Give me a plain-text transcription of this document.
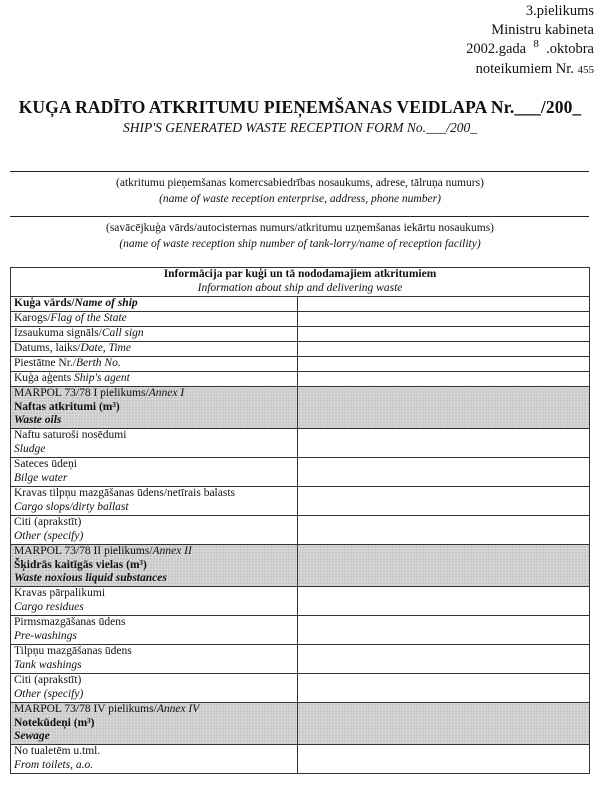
3.pielikums
Ministru kabineta
2002.gada $^8$ .oktobra
noteikumiem Nr. 455
KUĢA RADĪTO ATKRITUMU PIEŅEMŠANAS VEIDLAPA Nr.___/200_
SHIP'S GENERATED WASTE RECEPTION FORM No.___/200_
(atkritumu pieņemšanas komercsabiedrības nosaukums, adrese, tālruņa numurs)
(name of waste reception enterprise, address, phone number)
(savācējkuģa vārds/autocisternas numurs/atkritumu uzņemšanas iekārtu nosaukums)
(name of waste reception ship number of tank-lorry/name of reception facility)
Informācija par kuģi un tā nododamajiem atkritumiem
Information about ship and delivering waste	

Kuģa vārds/Name of ship	
Karogs/Flag of the State	
Izsaukuma signāls/Call sign	
Datums, laiks/Date, Time	
Piestātne Nr./Berth No.	
Kuģa aģents Ship's agent	

MARPOL 73/78 I pielikums/Annex I
Naftas atkritumi (m³)
Waste oils	

Naftu saturoši nosēdumi
Sludge	

Sateces ūdeņi
Bilge water	

Kravas tilpņu mazgāšanas ūdens/netīrais balasts
Cargo slops/dirty ballast	

Citi (aprakstīt)
Other (specify)	

MARPOL 73/78 II pielikums/Annex II
Šķidrās kaitīgās vielas (m³)
Waste noxious liquid substances	

Kravas pārpalikumi
Cargo residues	

Pirmsmazgāšanas ūdens
Pre-washings	

Tilpņu mazgāšanas ūdens
Tank washings	

Citi (aprakstīt)
Other (specify)	

MARPOL 73/78 IV pielikums/Annex IV
Notekūdeņi (m³)
Sewage	

No tualetēm u.tml.
From toilets, a.o.	
